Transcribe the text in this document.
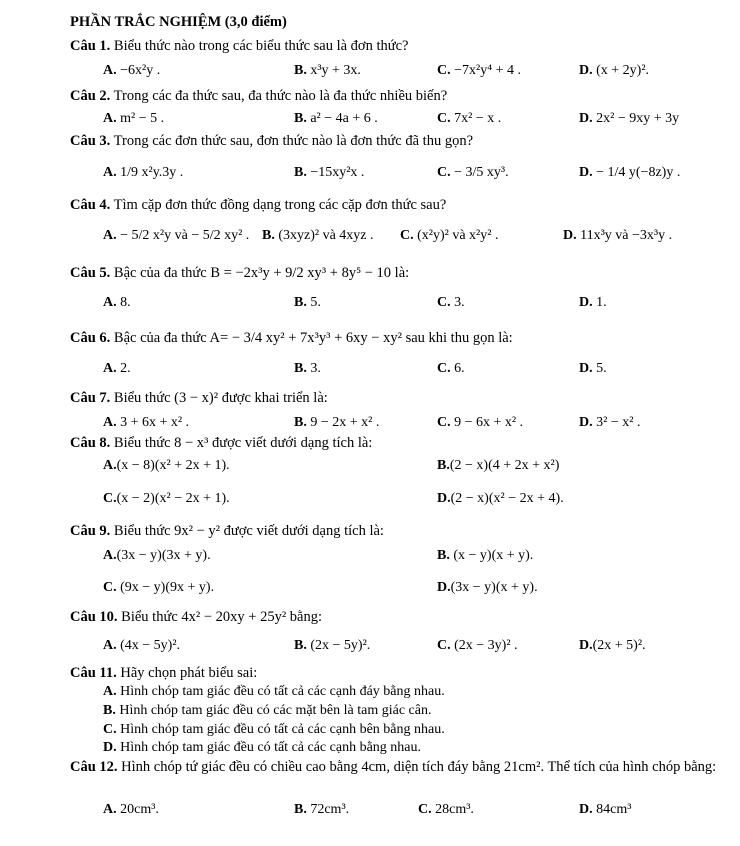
PHẦN TRẮC NGHIỆM (3,0 điểm)
Câu 1. Biểu thức nào trong các biểu thức sau là đơn thức?
A. −6x²y .	B. x³y + 3x.	C. −7x²y⁴ + 4 .	D. (x + 2y)².
Câu 2. Trong các đa thức sau, đa thức nào là đa thức nhiều biến?
A. m² − 5 .	B. a² − 4a + 6 .	C. 7x² − x .	D. 2x² − 9xy + 3y
Câu 3. Trong các đơn thức sau, đơn thức nào là đơn thức đã thu gọn?
A. 1/9 x²y.3y .	B. −15xy²x .	C. − 3/5 xy³.	D. − 1/4 y(−8z)y .
Câu 4. Tìm cặp đơn thức đồng dạng trong các cặp đơn thức sau?
A. − 5/2 x²y và − 5/2 xy² . B. (3xyz)² và 4xyz . C. (x²y)² và x²y² .	D. 11x³y và −3x³y .
Câu 5. Bậc của đa thức B = −2x³y + 9/2 xy³ + 8y⁵ − 10 là:
A. 8.	B. 5.	C. 3.	D. 1.
Câu 6. Bậc của đa thức A= − 3/4 xy² + 7x³y³ + 6xy − xy² sau khi thu gọn là:
A. 2.	B. 3.	C. 6.	D. 5.
Câu 7. Biểu thức (3 − x)² được khai triển là:
A. 3 + 6x + x² .	B. 9 − 2x + x² .	C. 9 − 6x + x² .	D. 3² − x² .
Câu 8. Biểu thức 8 − x³ được viết dưới dạng tích là:
A.(x − 8)(x² + 2x + 1).	B.(2 − x)(4 + 2x + x²)
C.(x − 2)(x² − 2x + 1).	D.(2 − x)(x² − 2x + 4).
Câu 9. Biểu thức 9x² − y² được viết dưới dạng tích là:
A.(3x − y)(3x + y).	B. (x − y)(x + y).
C. (9x − y)(9x + y).	D.(3x − y)(x + y).
Câu 10. Biểu thức 4x² − 20xy + 25y² bằng:
A. (4x − 5y)².	B. (2x − 5y)².	C. (2x − 3y)² .	D.(2x + 5)².
Câu 11. Hãy chọn phát biểu sai:
A. Hình chóp tam giác đều có tất cả các cạnh đáy bằng nhau.
B. Hình chóp tam giác đều có các mặt bên là tam giác cân.
C. Hình chóp tam giác đều có tất cả các cạnh bên bằng nhau.
D. Hình chóp tam giác đều có tất cả các cạnh bằng nhau.
Câu 12. Hình chóp tứ giác đều có chiều cao bằng 4cm, diện tích đáy bằng 21cm². Thể tích của hình chóp bằng:
A. 20cm³.	B. 72cm³.	C. 28cm³.	D. 84cm³
